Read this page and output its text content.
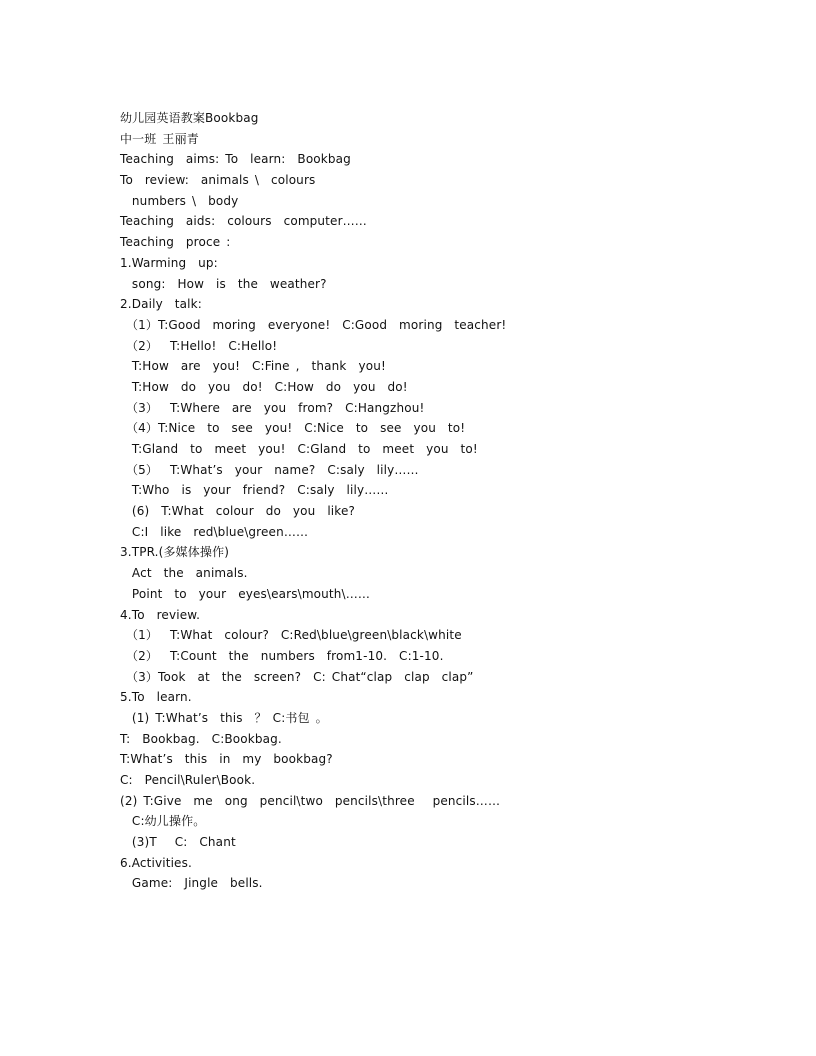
幼儿园英语教案Bookbag
中一班 王丽青
Teaching  aims: To  learn:  Bookbag
To  review:  animals \  colours
numbers \  body
Teaching  aids:  colours  computer……
Teaching  proce :
1.Warming  up:
song:  How  is  the  weather?
2.Daily  talk:
（1）T:Good  moring  everyone!  C:Good  moring  teacher!
（2）  T:Hello!  C:Hello!
T:How  are  you!  C:Fine ,  thank  you!
T:How  do  you  do!  C:How  do  you  do!
（3）  T:Where  are  you  from?  C:Hangzhou!
（4）T:Nice  to  see  you!  C:Nice  to  see  you  to!
T:Gland  to  meet  you!  C:Gland  to  meet  you  to!
（5）  T:What’s  your  name?  C:saly  lily……
T:Who  is  your  friend?  C:saly  lily……
(6)  T:What  colour  do  you  like?
C:I  like  red\blue\green……
3.TPR.(多媒体操作)
Act  the  animals.
Point  to  your  eyes\ears\mouth\……
4.To  review.
（1）  T:What  colour?  C:Red\blue\green\black\white
（2）  T:Count  the  numbers  from1-10.  C:1-10.
（3）Took  at  the  screen?  C: Chat“clap  clap  clap”
5.To  learn.
(1) T:What’s  this  ？ C:书包 。
T:  Bookbag.  C:Bookbag.
T:What’s  this  in  my  bookbag?
C:  Pencil\Ruler\Book.
(2) T:Give  me  ong  pencil\two  pencils\three   pencils……
C:幼儿操作。
(3)T   C:  Chant
6.Activities.
Game:  Jingle  bells.
